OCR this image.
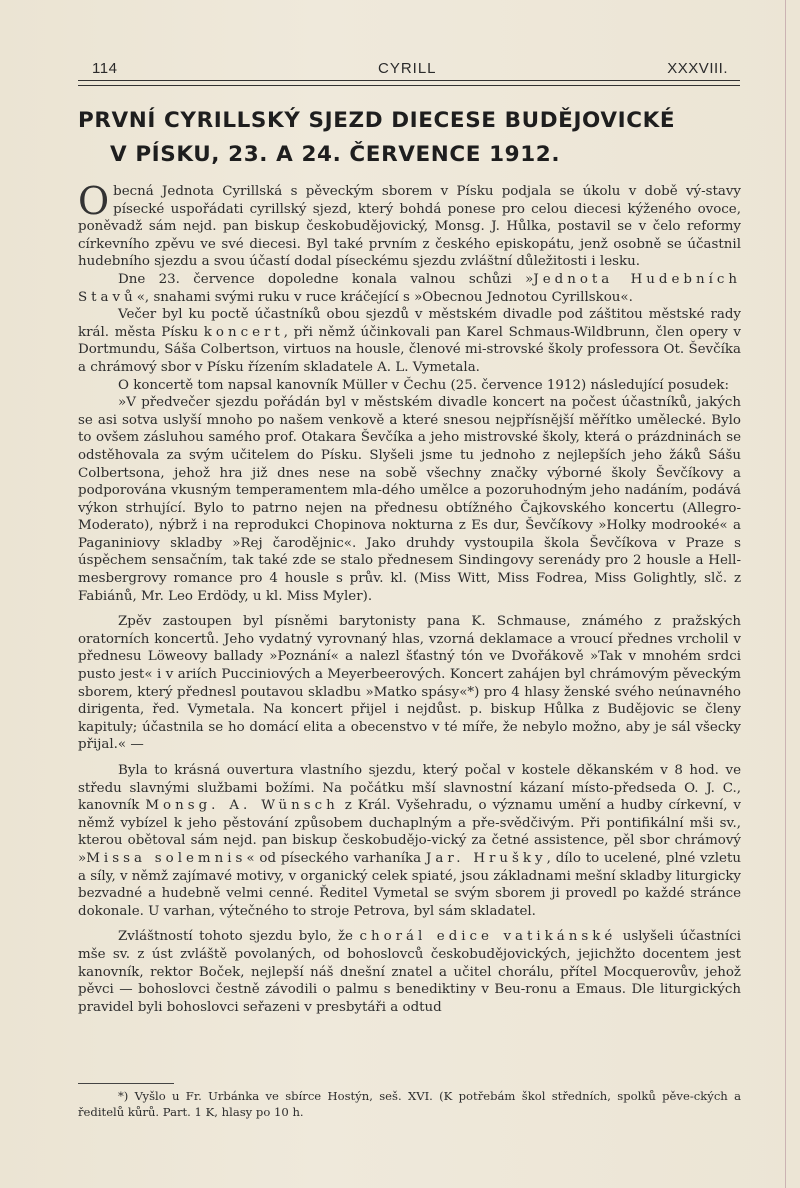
114	CYRILL	XXXVIII.
PRVNÍ CYRILLSKÝ SJEZD DIECESE BUDĚJOVICKÉ
V PÍSKU, 23. A 24. ČERVENCE 1912.

Obecná Jednota Cyrillská s pěveckým sborem v Písku podjala se úkolu v době vý-stavy písecké uspořádati cyrillský sjezd, který bohdá ponese pro celou diecesi kýženého ovoce, poněvadž sám nejd. pan biskup českobudějovický, Monsg. J. Hůlka, postavil se v čelo reformy církevního zpěvu ve své diecesi. Byl také prvním z českého episkopátu, jenž osobně se účastnil hudebního sjezdu a svou účastí dodal píseckému sjezdu zvláštní důležitosti i lesku.

Dne 23. července dopoledne konala valnou schůzi »Jednota Hudebních Stavů«, snahami svými ruku v ruce kráčející s »Obecnou Jednotou Cyrillskou«.

Večer byl ku poctě účastníků obou sjezdů v městském divadle pod záštitou městské rady král. města Písku koncert, při němž účinkovali pan Karel Schmaus-Wildbrunn, člen opery v Dortmundu, Sáša Colbertson, virtuos na housle, členové mi-strovské školy professora Ot. Ševčíka a chrámový sbor v Písku řízením skladatele A. L. Vymetala.

O koncertě tom napsal kanovník Müller v Čechu (25. července 1912) následující posudek:

»V předvečer sjezdu pořádán byl v městském divadle koncert na počest účastníků, jakých se asi sotva uslyší mnoho po našem venkově a které snesou nejpřísnější měřítko umělecké. Bylo to ovšem zásluhou samého prof. Otakara Ševčíka a jeho mistrovské školy, která o prázdninách se odstěhovala za svým učitelem do Písku. Slyšeli jsme tu jednoho z nejlepších jeho žáků Sášu Colbertsona, jehož hra již dnes nese na sobě všechny značky výborné školy Ševčíkovy a podporována vkusným temperamentem mla-dého umělce a pozoruhodným jeho nadáním, podává výkon strhující. Bylo to patrno nejen na přednesu obtížného Čajkovského koncertu (Allegro-Moderato), nýbrž i na reprodukci Chopinova nokturna z Es dur, Ševčíkovy »Holky modrooké« a Paganiniovy skladby »Rej čarodějnic«. Jako druhdy vystoupila škola Ševčíkova v Praze s úspěchem sensačním, tak také zde se stalo přednesem Sindingovy serenády pro 2 housle a Hell-mesbergrovy romance pro 4 housle s prův. kl. (Miss Witt, Miss Fodrea, Miss Golightly, slč. z Fabiánů, Mr. Leo Erdödy, u kl. Miss Myler).

Zpěv zastoupen byl písněmi barytonisty pana K. Schmause, známého z pražských oratorních koncertů. Jeho vydatný vyrovnaný hlas, vzorná deklamace a vroucí přednes vrcholil v přednesu Löweovy ballady »Poznání« a nalezl šťastný tón ve Dvořákově »Tak v mnohém srdci pusto jest« i v ariích Pucciniových a Meyerbeerových. Koncert zahájen byl chrámovým pěveckým sborem, který přednesl poutavou skladbu »Matko spásy«*) pro 4 hlasy ženské svého neúnavného dirigenta, řed. Vymetala. Na koncert přijel i nejdůst. p. biskup Hůlka z Budějovic se členy kapituly; účastnila se ho domácí elita a obecenstvo v té míře, že nebylo možno, aby je sál všecky přijal.« —

Byla to krásná ouvertura vlastního sjezdu, který počal v kostele děkanském v 8 hod. ve středu slavnými službami božími. Na počátku mší slavnostní kázaní místo-předseda O. J. C., kanovník Monsg. A. Wünsch z Král. Vyšehradu, o významu umění a hudby církevní, v němž vybízel k jeho pěstování způsobem duchaplným a pře-svědčivým. Při pontifikální mši sv., kterou obětoval sám nejd. pan biskup českobudějo-vický za četné assistence, pěl sbor chrámový »Missa solemnis« od píseckého varhaníka Jar. Hrušky, dílo to ucelené, plné vzletu a síly, v němž zajímavé motivy, v organický celek spiaté, jsou základnami mešní skladby liturgicky bezvadné a hudebně velmi cenné. Ředitel Vymetal se svým sborem ji provedl po každé stránce dokonale. U varhan, výtečného to stroje Petrova, byl sám skladatel.

Zvláštností tohoto sjezdu bylo, že chorál edice vatikánské uslyšeli účastníci mše sv. z úst zvláště povolaných, od bohoslovců českobudějovických, jejichžto docentem jest kanovník, rektor Boček, nejlepší náš dnešní znatel a učitel chorálu, přítel Mocquerovův, jehož pěvci — bohoslovci čestně závodili o palmu s benediktiny v Beu-ronu a Emaus. Dle liturgických pravidel byli bohoslovci seřazeni v presbytáři a odtud

*) Vyšlo u Fr. Urbánka ve sbírce Hostýn, seš. XVI. (K potřebám škol středních, spolků pěve-ckých a ředitelů kůrů. Part. 1 K, hlasy po 10 h.
